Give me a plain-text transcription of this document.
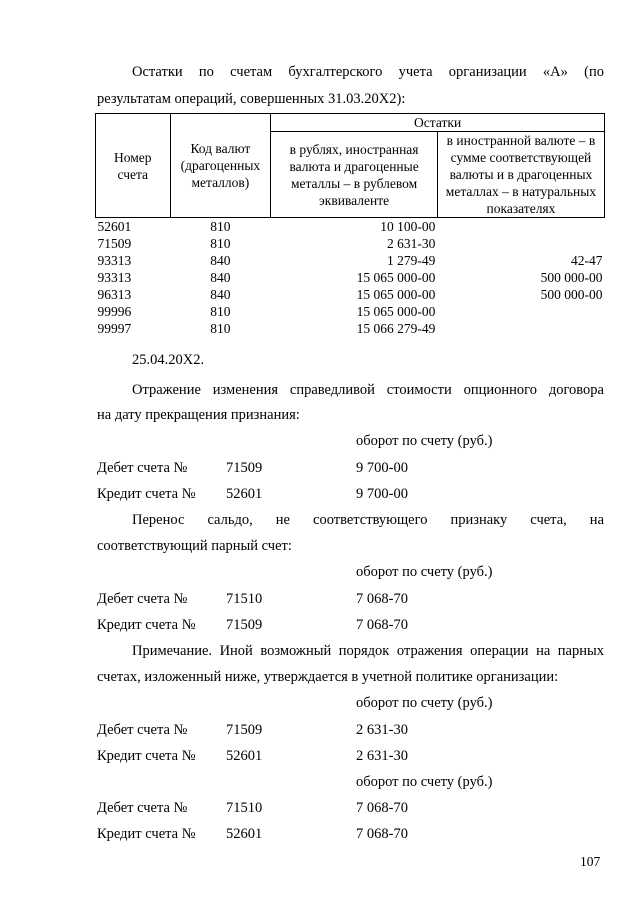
Остатки по счетам бухгалтерского учета организации «А» (по
результатам операций, совершенных 31.03.20Х2):
Номер счета	Код валют (драгоценных металлов)	Остатки	
		в рублях, иностранная валюта и драгоценные металлы – в рублевом эквиваленте	в иностранной валюте – в сумме соответствующей валюты и в драгоценных металлах – в натуральных показателях
52601	810	10 100-00	
71509	810	2 631-30	
93313	840	1 279-49	42-47
93313	840	15 065 000-00	500 000-00
96313	840	15 065 000-00	500 000-00
99996	810	15 065 000-00	
99997	810	15 066 279-49	
25.04.20Х2.
Отражение изменения справедливой стоимости опционного договора
на дату прекращения признания:
оборот по счету (руб.)
Дебет счета №	71509	9 700-00
Кредит счета № 52601	9 700-00
Перенос сальдо, не соответствующего признаку счета, на
соответствующий парный счет:
оборот по счету (руб.)
Дебет счета №	71510	7 068-70
Кредит счета № 71509	7 068-70
Примечание. Иной возможный порядок отражения операции на парных
счетах, изложенный ниже, утверждается в учетной политике организации:
оборот по счету (руб.)
Дебет счета №	71509	2 631-30
Кредит счета № 52601	2 631-30
оборот по счету (руб.)
Дебет счета №	71510	7 068-70
Кредит счета № 52601	7 068-70
107
